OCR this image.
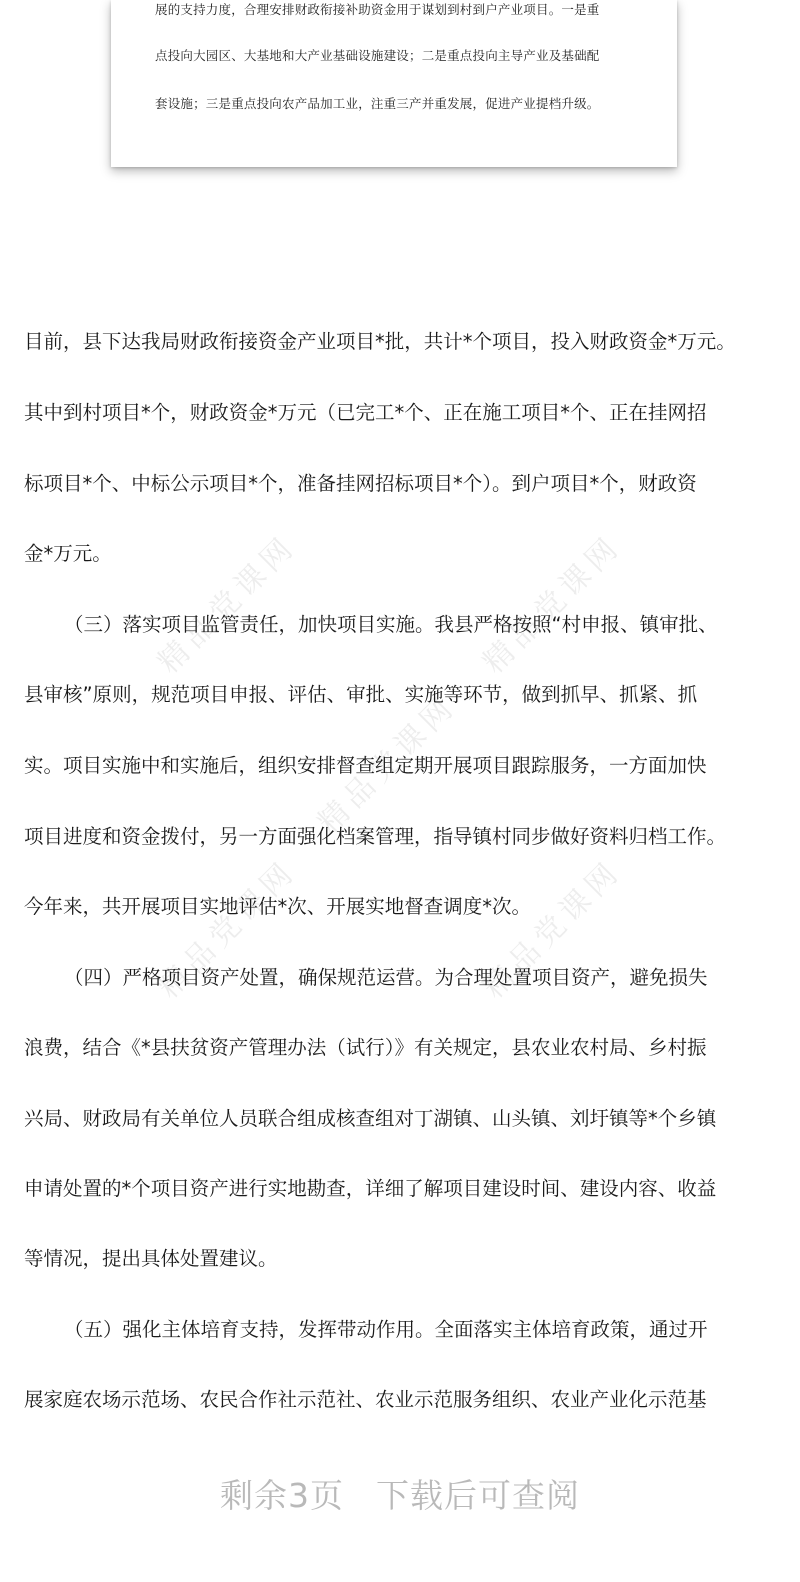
展的支持力度，合理安排财政衔接补助资金用于谋划到村到户产业项目。一是重
点投向大园区、大基地和大产业基础设施建设；二是重点投向主导产业及基础配
套设施；三是重点投向农产品加工业，注重三产并重发展，促进产业提档升级。
精品党课网	精品党课网
精品党课网
精品党课网	精品党课网
目前，县下达我局财政衔接资金产业项目*批，共计*个项目，投入财政资金*万元。
其中到村项目*个，财政资金*万元（已完工*个、正在施工项目*个、正在挂网招
标项目*个、中标公示项目*个，准备挂网招标项目*个）。到户项目*个，财政资
金*万元。
（三）落实项目监管责任，加快项目实施。我县严格按照“村申报、镇审批、
县审核”原则，规范项目申报、评估、审批、实施等环节，做到抓早、抓紧、抓
实。项目实施中和实施后，组织安排督查组定期开展项目跟踪服务，一方面加快
项目进度和资金拨付，另一方面强化档案管理，指导镇村同步做好资料归档工作。
今年来，共开展项目实地评估*次、开展实地督查调度*次。
（四）严格项目资产处置，确保规范运营。为合理处置项目资产，避免损失
浪费，结合《*县扶贫资产管理办法（试行）》有关规定，县农业农村局、乡村振
兴局、财政局有关单位人员联合组成核查组对丁湖镇、山头镇、刘圩镇等*个乡镇
申请处置的*个项目资产进行实地勘查，详细了解项目建设时间、建设内容、收益
等情况，提出具体处置建议。
（五）强化主体培育支持，发挥带动作用。全面落实主体培育政策，通过开
展家庭农场示范场、农民合作社示范社、农业示范服务组织、农业产业化示范基
剩余3页 下载后可查阅
